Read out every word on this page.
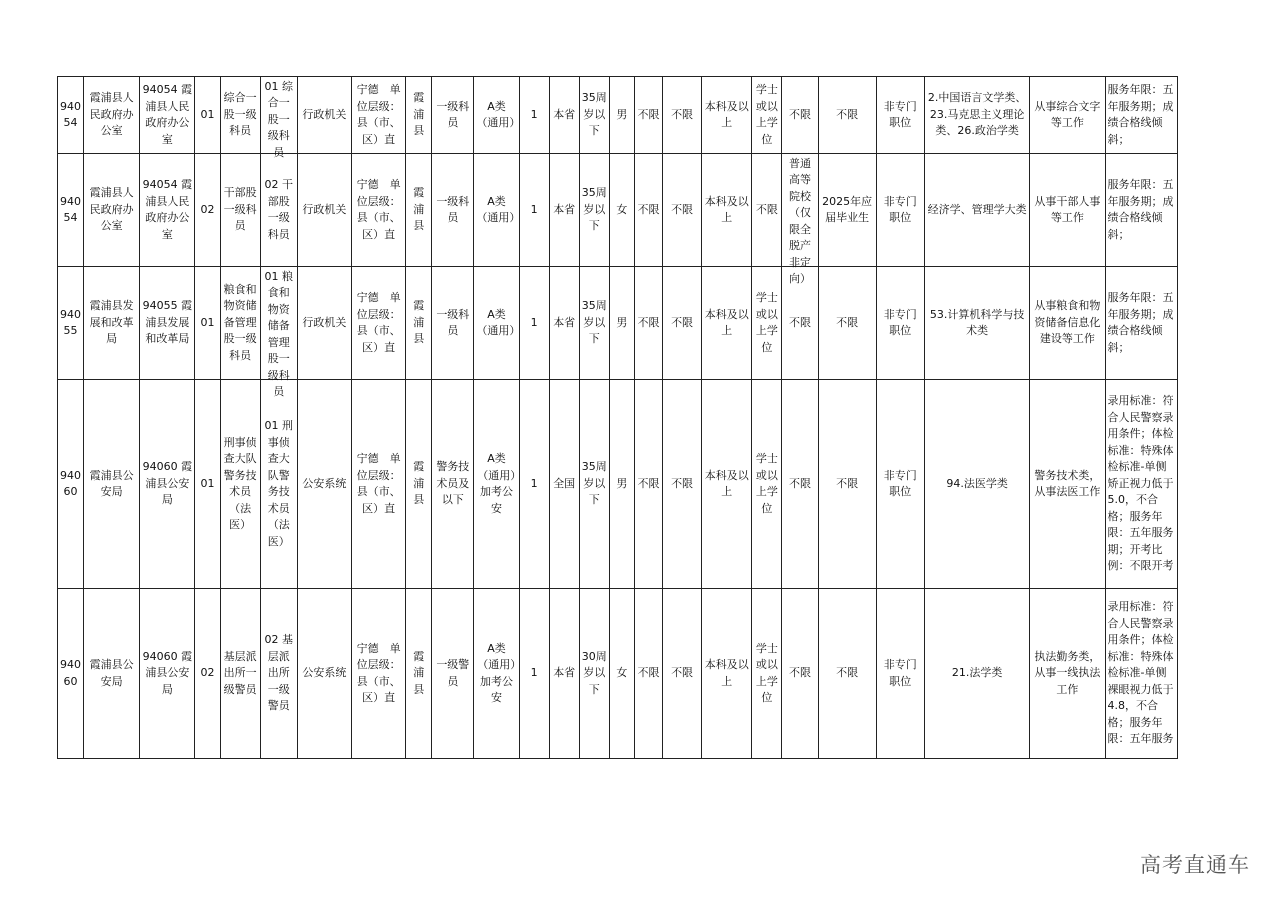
94054	霞浦县人民政府办公室	94054 霞浦县人民政府办公室	01	综合一股一级科员	01 综合一股一级科员	行政机关	宁德　单位层级：县（市、区）直	霞浦县	一级科员	A类（通用）	1	本省	35周岁以下	男	不限	不限	本科及以上	学士或以上学位	不限	不限	非专门职位	2.中国语言文学类、23.马克思主义理论类、26.政治学类	从事综合文字等工作	服务年限：五年服务期；成绩合格线倾斜；

94054	霞浦县人民政府办公室	94054 霞浦县人民政府办公室	02	干部股一级科员	02 干部股一级科员	行政机关	宁德　单位层级：县（市、区）直	霞浦县	一级科员	A类（通用）	1	本省	35周岁以下	女	不限	不限	本科及以上	不限	普通高等院校（仅限全脱产非定向）	2025年应届毕业生	非专门职位	经济学、管理学大类	从事干部人事等工作	服务年限：五年服务期；成绩合格线倾斜；

94055	霞浦县发展和改革局	94055 霞浦县发展和改革局	01	粮食和物资储备管理股一级科员	01 粮食和物资储备管理股一级科员	行政机关	宁德　单位层级：县（市、区）直	霞浦县	一级科员	A类（通用）	1	本省	35周岁以下	男	不限	不限	本科及以上	学士或以上学位	不限	不限	非专门职位	53.计算机科学与技术类	从事粮食和物资储备信息化建设等工作	服务年限：五年服务期；成绩合格线倾斜；

94060	霞浦县公安局	94060 霞浦县公安局	01	刑事侦查大队警务技术员（法医）	01 刑事侦查大队警务技术员（法医）	公安系统	宁德　单位层级：县（市、区）直	霞浦县	警务技术员及以下	A类（通用）加考公安	1	全国	35周岁以下	男	不限	不限	本科及以上	学士或以上学位	不限	不限	非专门职位	94.法医学类	警务技术类，从事法医工作	录用标准：符合人民警察录用条件；体检标准：特殊体检标准-单侧矫正视力低于5.0，不合格；服务年限：五年服务期；开考比例：不限开考

94060	霞浦县公安局	94060 霞浦县公安局	02	基层派出所一级警员	02 基层派出所一级警员	公安系统	宁德　单位层级：县（市、区）直	霞浦县	一级警员	A类（通用）加考公安	1	本省	30周岁以下	女	不限	不限	本科及以上	学士或以上学位	不限	不限	非专门职位	21.法学类	执法勤务类，从事一线执法工作	录用标准：符合人民警察录用条件；体检标准：特殊体检标准-单侧裸眼视力低于4.8，不合格；服务年限：五年服务
高考直通车
